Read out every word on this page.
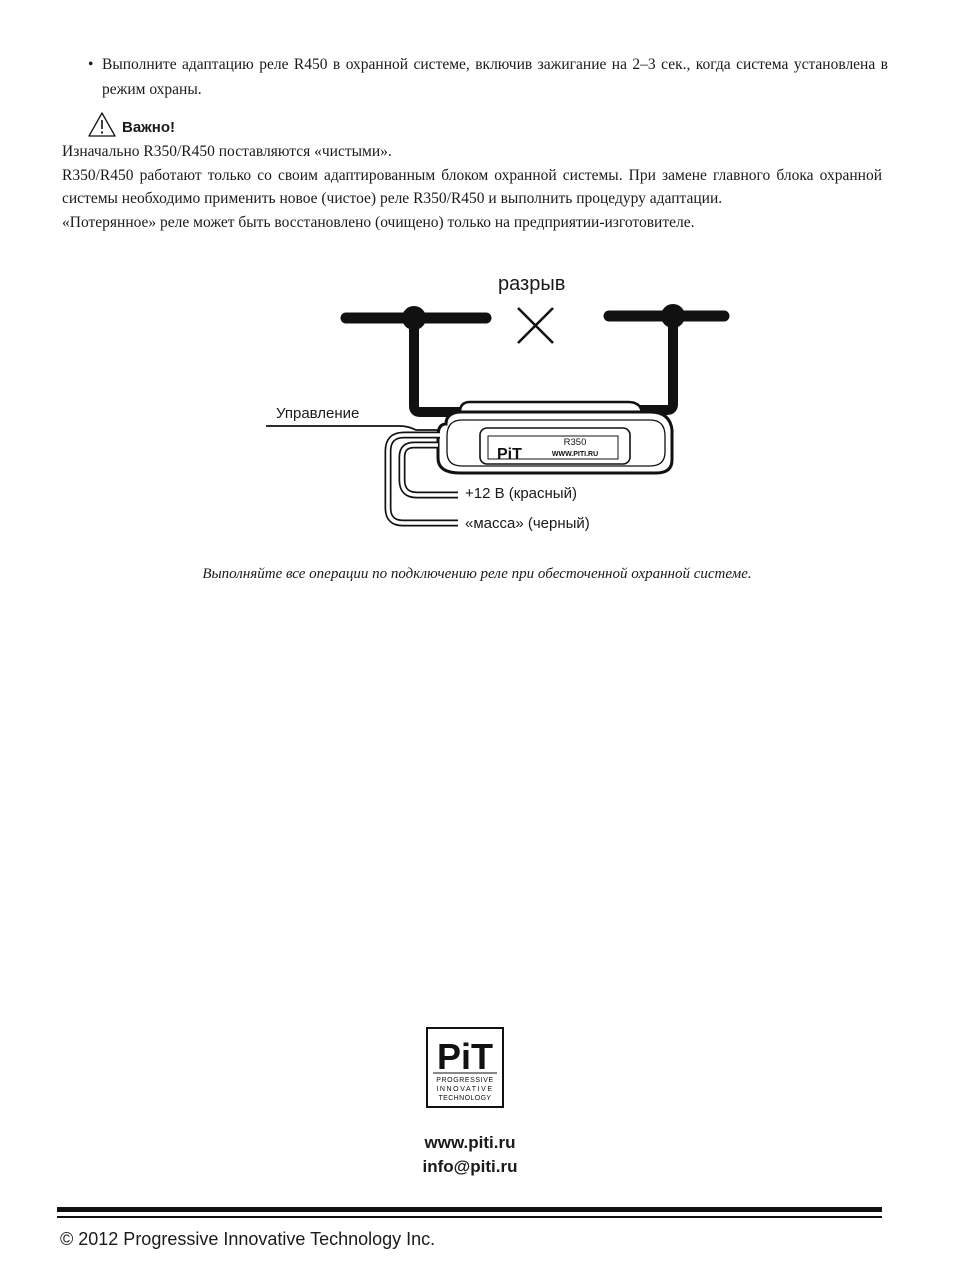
• Выполните адаптацию реле R450 в охранной системе, включив зажигание на 2–3 сек., когда система установлена в режим охраны.
Важно!

Изначально R350/R450 поставляются «чистыми».

R350/R450 работают только со своим адаптированным блоком охранной системы. При замене главного блока охранной системы необходимо применить новое (чистое) реле R350/R450 и выполнить процедуру адаптации.

«Потерянное» реле может быть восстановлено (очищено) только на предприятии-изготовителе.

PiT
R350
WWW.PITI.RU
разрыв
Управление
+12 В (красный)
«масса» (черный)
Выполняйте все операции по подключению реле при обесточенной охранной системе.
PiT
PROGRESSIVE
INNOVATIVE
TECHNOLOGY
www.piti.ru
info@piti.ru
© 2012 Progressive Innovative Technology Inc.
